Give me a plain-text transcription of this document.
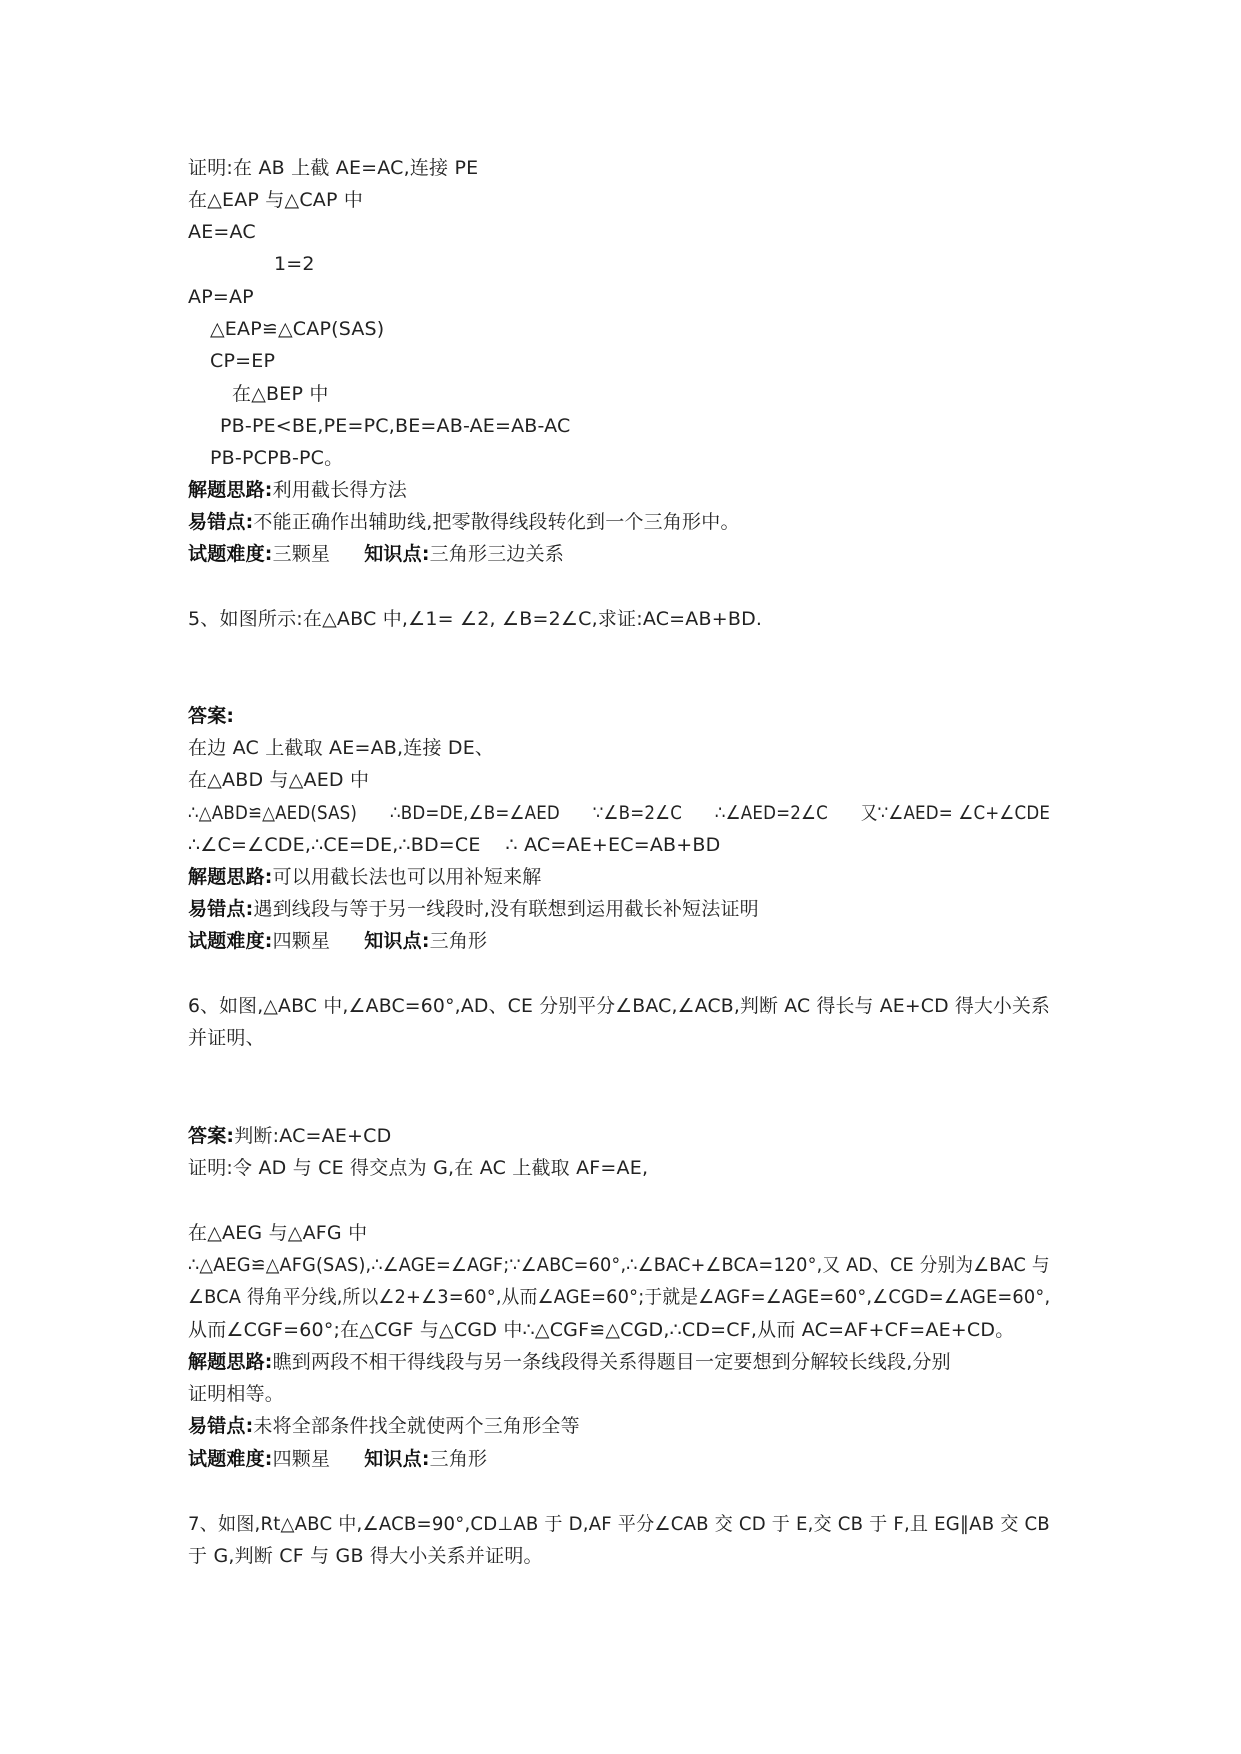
证明:在 AB 上截 AE=AC,连接 PE
在△EAP 与△CAP 中
AE=AC
1=2
AP=AP
△EAP≌△CAP(SAS)
CP=EP
在△BEP 中
PB-PE<BE,PE=PC,BE=AB-AE=AB-AC
PB-PCPB-PC。
解题思路:利用截长得方法
易错点:不能正确作出辅助线,把零散得线段转化到一个三角形中。
试题难度:三颗星 知识点:三角形三边关系
5、如图所示:在△ABC 中,∠1= ∠2, ∠B=2∠C,求证:AC=AB+BD.
答案:
在边 AC 上截取 AE=AB,连接 DE、
在△ABD 与△AED 中
∴△ABD≌△AED(SAS)      ∴BD=DE,∠B=∠AED      ∵∠B=2∠C      ∴∠AED=2∠C      又∵∠AED= ∠C+∠CDE
∴∠C=∠CDE,∴CE=DE,∴BD=CE    ∴ AC=AE+EC=AB+BD
解题思路:可以用截长法也可以用补短来解
易错点:遇到线段与等于另一线段时,没有联想到运用截长补短法证明
试题难度:四颗星 知识点:三角形
6、如图,△ABC 中,∠ABC=60°,AD、CE 分别平分∠BAC,∠ACB,判断 AC 得长与 AE+CD 得大小关系
并证明、
答案:判断:AC=AE+CD
证明:令 AD 与 CE 得交点为 G,在 AC 上截取 AF=AE,
在△AEG 与△AFG 中
∴△AEG≌△AFG(SAS),∴∠AGE=∠AGF;∵∠ABC=60°,∴∠BAC+∠BCA=120°,又 AD、CE 分别为∠BAC 与
∠BCA 得角平分线,所以∠2+∠3=60°,从而∠AGE=60°;于就是∠AGF=∠AGE=60°,∠CGD=∠AGE=60°,
从而∠CGF=60°;在△CGF 与△CGD 中∴△CGF≌△CGD,∴CD=CF,从而 AC=AF+CF=AE+CD。
解题思路:瞧到两段不相干得线段与另一条线段得关系得题目一定要想到分解较长线段,分别
证明相等。
易错点:未将全部条件找全就使两个三角形全等
试题难度:四颗星 知识点:三角形
7、如图,Rt△ABC 中,∠ACB=90°,CD⊥AB 于 D,AF 平分∠CAB 交 CD 于 E,交 CB 于 F,且 EG∥AB 交 CB
于 G,判断 CF 与 GB 得大小关系并证明。
